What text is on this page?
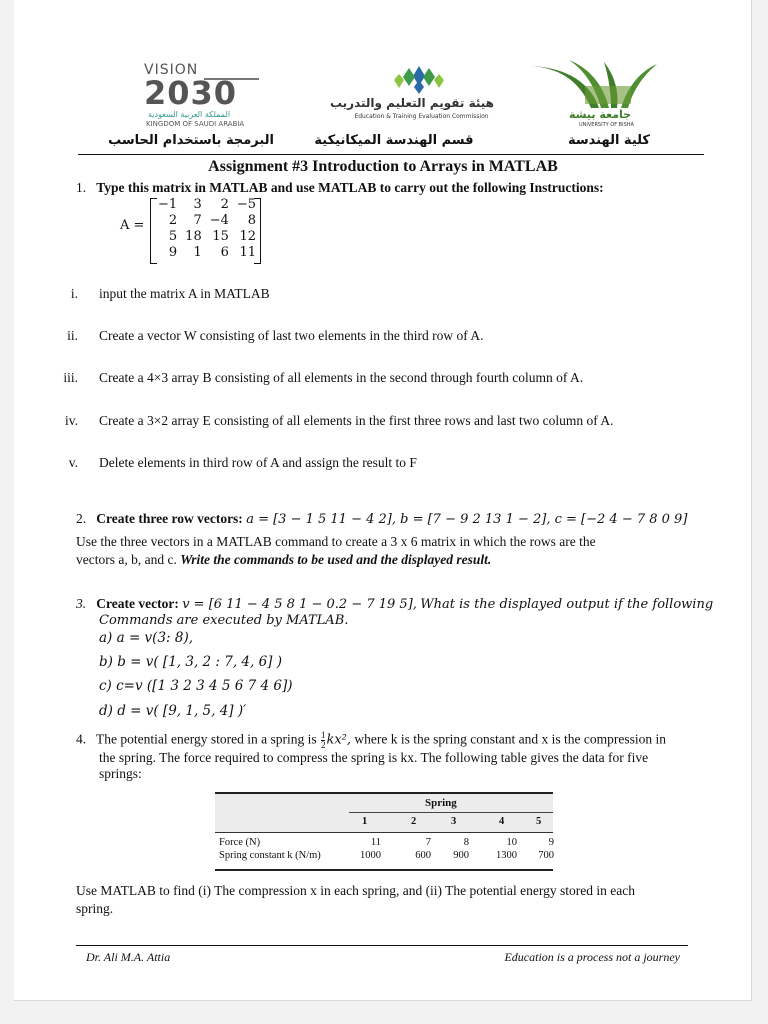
VISION
2030
المملكة العربية السعودية
KINGDOM OF SAUDI ARABIA
هيئة تقويم التعليم والتدريب
Education & Training Evaluation Commission	جامعة بيشة
UNIVERSITY OF BISHA
البرمجة باستخدام الحاسب	قسم الهندسة الميكانيكية	كلية الهندسة
Assignment #3 Introduction to Arrays in MATLAB
1. Type this matrix in MATLAB and use MATLAB to carry out the following Instructions:
A =
−1	3	2	−5
2	7	−4	8
5	18	15	12
9	1	6	11
i. input the matrix A in MATLAB
ii. Create a vector W consisting of last two elements in the third row of A.
iii. Create a 4×3 array B consisting of all elements in the second through fourth column of A.
iv. Create a 3×2 array E consisting of all elements in the first three rows and last two column of A.
v. Delete elements in third row of A and assign the result to F
2. Create three row vectors: a = [3 − 1 5 11 − 4 2], b = [7 − 9 2 13 1 − 2], c = [−2 4 − 7 8 0 9]
Use the three vectors in a MATLAB command to create a 3 x 6 matrix in which the rows are the
vectors a, b, and c. Write the commands to be used and the displayed result.
3. Create vector: v = [6 11 − 4 5 8 1 − 0.2 − 7 19 5], What is the displayed output if the following
Commands are executed by MATLAB.
a) a = v(3: 8),
b) b = v( [1, 3, 2 : 7, 4, 6] )
c) c=v ([1 3 2 3 4 5 6 7 4 6])
d) d = v( [9, 1, 5, 4] )′
4. The potential energy stored in a spring is $\frac{1}{2} kx^2$, where k is the spring constant and x is the compression in
the spring. The force required to compress the spring is kx. The following table gives the data for five
springs:
Spring
1	2	3	4	5
Force (N)	11	7	8	10	9
Spring constant k (N/m)	1000	600	900	1300	700
Use MATLAB to find (i) The compression x in each spring, and (ii) The potential energy stored in each
spring.
Dr. Ali M.A. Attia	Education is a process not a journey
